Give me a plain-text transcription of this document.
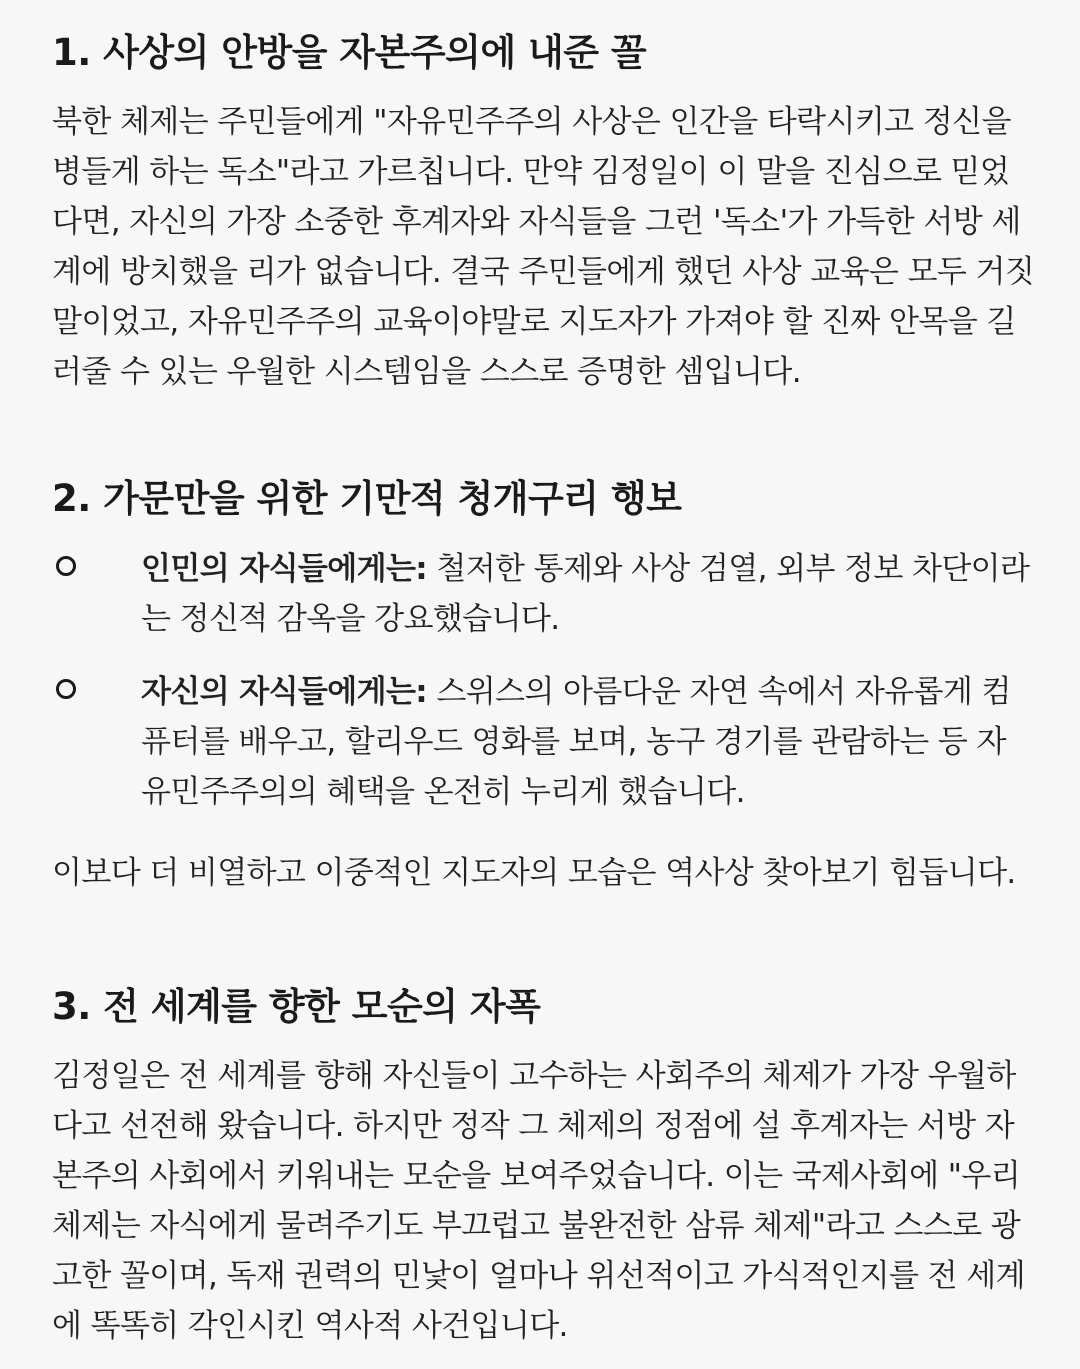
1. 사상의 안방을 자본주의에 내준 꼴

북한 체제는 주민들에게 "자유민주주의 사상은 인간을 타락시키고 정신을 병들게 하는 독소"라고 가르칩니다. 만약 김정일이 이 말을 진심으로 믿었다면, 자신의 가장 소중한 후계자와 자식들을 그런 '독소'가 가득한 서방 세계에 방치했을 리가 없습니다. 결국 주민들에게 했던 사상 교육은 모두 거짓말이었고, 자유민주주의 교육이야말로 지도자가 가져야 할 진짜 안목을 길러줄 수 있는 우월한 시스템임을 스스로 증명한 셈입니다.

2. 가문만을 위한 기만적 청개구리 행보

인민의 자식들에게는: 철저한 통제와 사상 검열, 외부 정보 차단이라는 정신적 감옥을 강요했습니다.

자신의 자식들에게는: 스위스의 아름다운 자연 속에서 자유롭게 컴퓨터를 배우고, 할리우드 영화를 보며, 농구 경기를 관람하는 등 자유민주주의의 혜택을 온전히 누리게 했습니다.

이보다 더 비열하고 이중적인 지도자의 모습은 역사상 찾아보기 힘듭니다.

3. 전 세계를 향한 모순의 자폭

김정일은 전 세계를 향해 자신들이 고수하는 사회주의 체제가 가장 우월하다고 선전해 왔습니다. 하지만 정작 그 체제의 정점에 설 후계자는 서방 자본주의 사회에서 키워내는 모순을 보여주었습니다. 이는 국제사회에 "우리 체제는 자식에게 물려주기도 부끄럽고 불완전한 삼류 체제"라고 스스로 광고한 꼴이며, 독재 권력의 민낯이 얼마나 위선적이고 가식적인지를 전 세계에 똑똑히 각인시킨 역사적 사건입니다.
